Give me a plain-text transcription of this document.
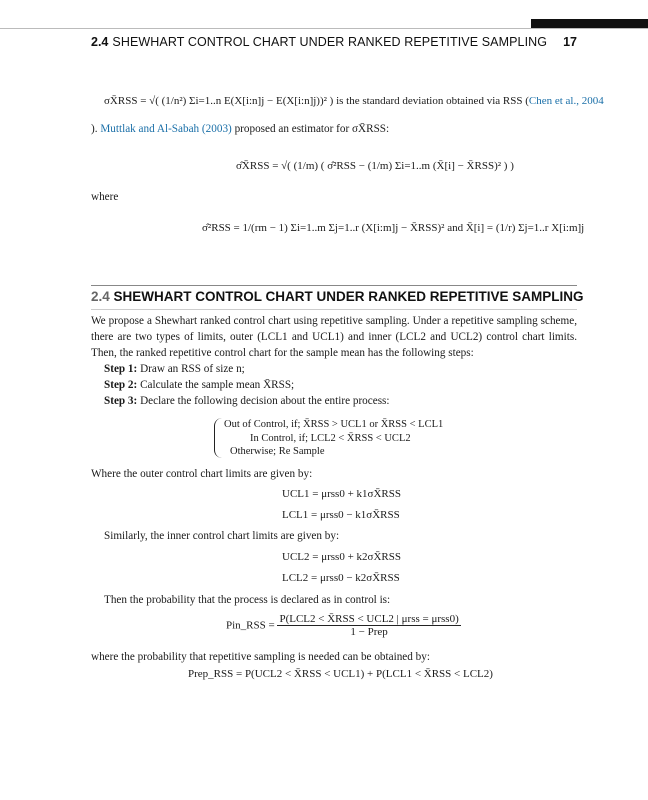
2.4 SHEWHART CONTROL CHART UNDER RANKED REPETITIVE SAMPLING 17
σX̄RSS = √( (1/n²) Σi=1..n E(X[i:n]j − E(X[i:n]j))² ) is the standard deviation obtained via RSS (Chen et al., 2004
). Muttlak and Al-Sabah (2003) proposed an estimator for σX̄RSS:
σ̂X̄RSS = √( (1/m) ( σ̂²RSS − (1/m) Σi=1..m (X̄[i] − X̄RSS)² ) )
where
σ̂²RSS = 1/(rm − 1) Σi=1..m Σj=1..r (X[i:m]j − X̄RSS)² and X̄[i] = (1/r) Σj=1..r X[i:m]j
2.4 SHEWHART CONTROL CHART UNDER RANKED REPETITIVE SAMPLING
We propose a Shewhart ranked control chart using repetitive sampling. Under a repetitive sampling scheme, there are two types of limits, outer (LCL1 and UCL1) and inner (LCL2 and UCL2) control chart limits. Then, the ranked repetitive control chart for the sample mean has the following steps:
Step 1: Draw an RSS of size n;
Step 2: Calculate the sample mean X̄RSS;
Step 3: Declare the following decision about the entire process:
Out of Control, if; X̄RSS > UCL1 or X̄RSS < LCL1
In Control, if; LCL2 < X̄RSS < UCL2
Otherwise; Re Sample
Where the outer control chart limits are given by:
UCL1 = μrss0 + k1σX̄RSS
LCL1 = μrss0 − k1σX̄RSS
Similarly, the inner control chart limits are given by:
UCL2 = μrss0 + k2σX̄RSS
LCL2 = μrss0 − k2σX̄RSS
Then the probability that the process is declared as in control is:
Pin_RSS = $\frac{\text{P(LCL2 < X̄RSS < UCL2 | μrss = μrss0)}}{\text{1 − Prep}}$
where the probability that repetitive sampling is needed can be obtained by:
Prep_RSS = P(UCL2 < X̄RSS < UCL1) + P(LCL1 < X̄RSS < LCL2)
